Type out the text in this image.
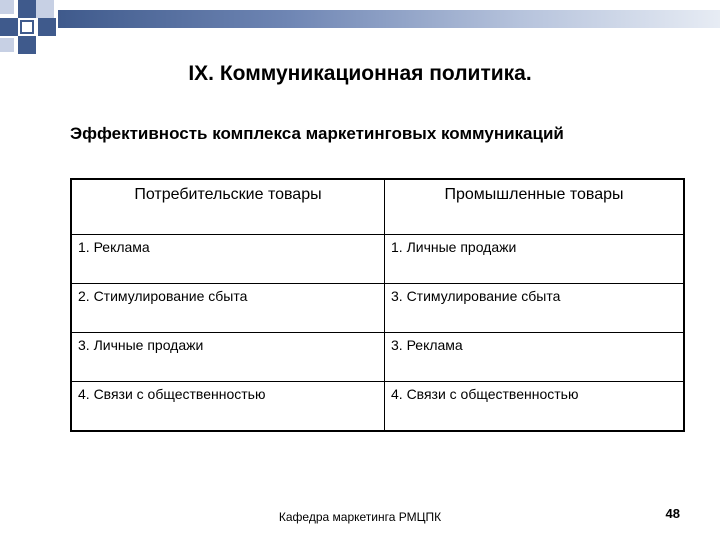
IX. Коммуникационная политика.
Эффективность комплекса маркетинговых коммуникаций
Потребительские товары	Промышленные товары
1. Реклама	1. Личные продажи
2. Стимулирование сбыта	3. Стимулирование сбыта
3. Личные продажи	3. Реклама
4. Связи с общественностью	4. Связи с общественностью
Кафедра маркетинга РМЦПК	48
